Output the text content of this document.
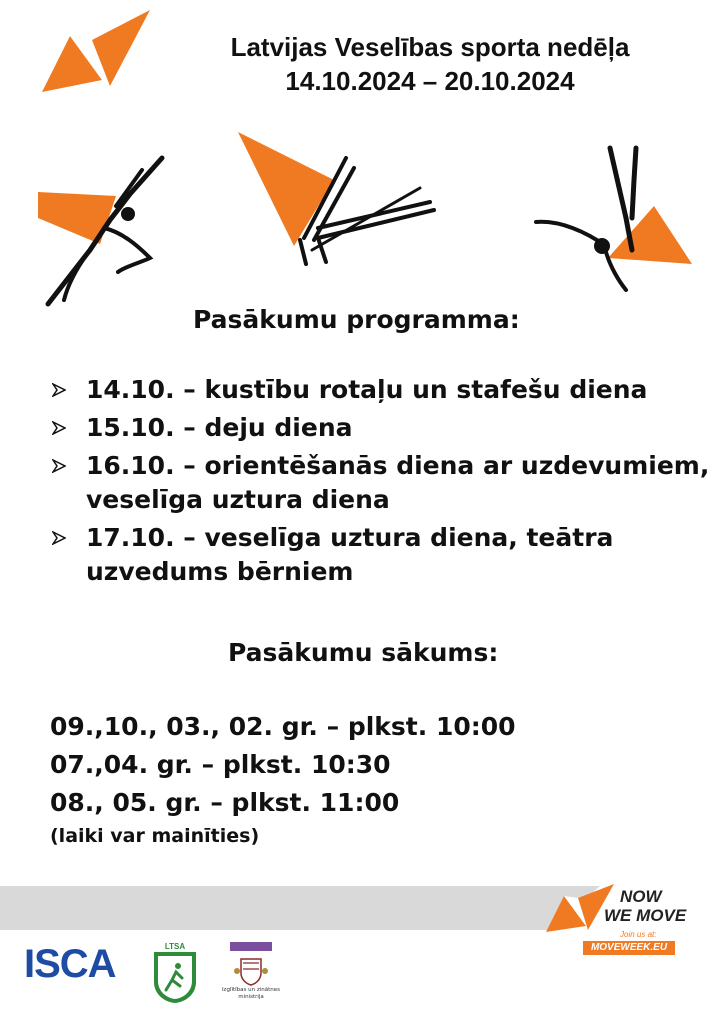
Latvijas Veselības sporta nedēļa
14.10.2024 – 20.10.2024
Pasākumu programma:
14.10. – kustību rotaļu un stafešu diena
15.10. – deju diena
16.10. – orientēšanās diena ar uzdevumiem, veselīga uztura diena
17.10. – veselīga uztura diena, teātra uzvedums bērniem
Pasākumu sākums:
09.,10., 03., 02. gr. – plkst. 10:00
07.,04. gr. – plkst. 10:30
08., 05. gr. – plkst. 11:00
(laiki var mainīties)
ISCA	LTSA
Izglītības un zinātnes
ministrija
NOW
WE MOVE
Join us at:
MOVEWEEK.EU
